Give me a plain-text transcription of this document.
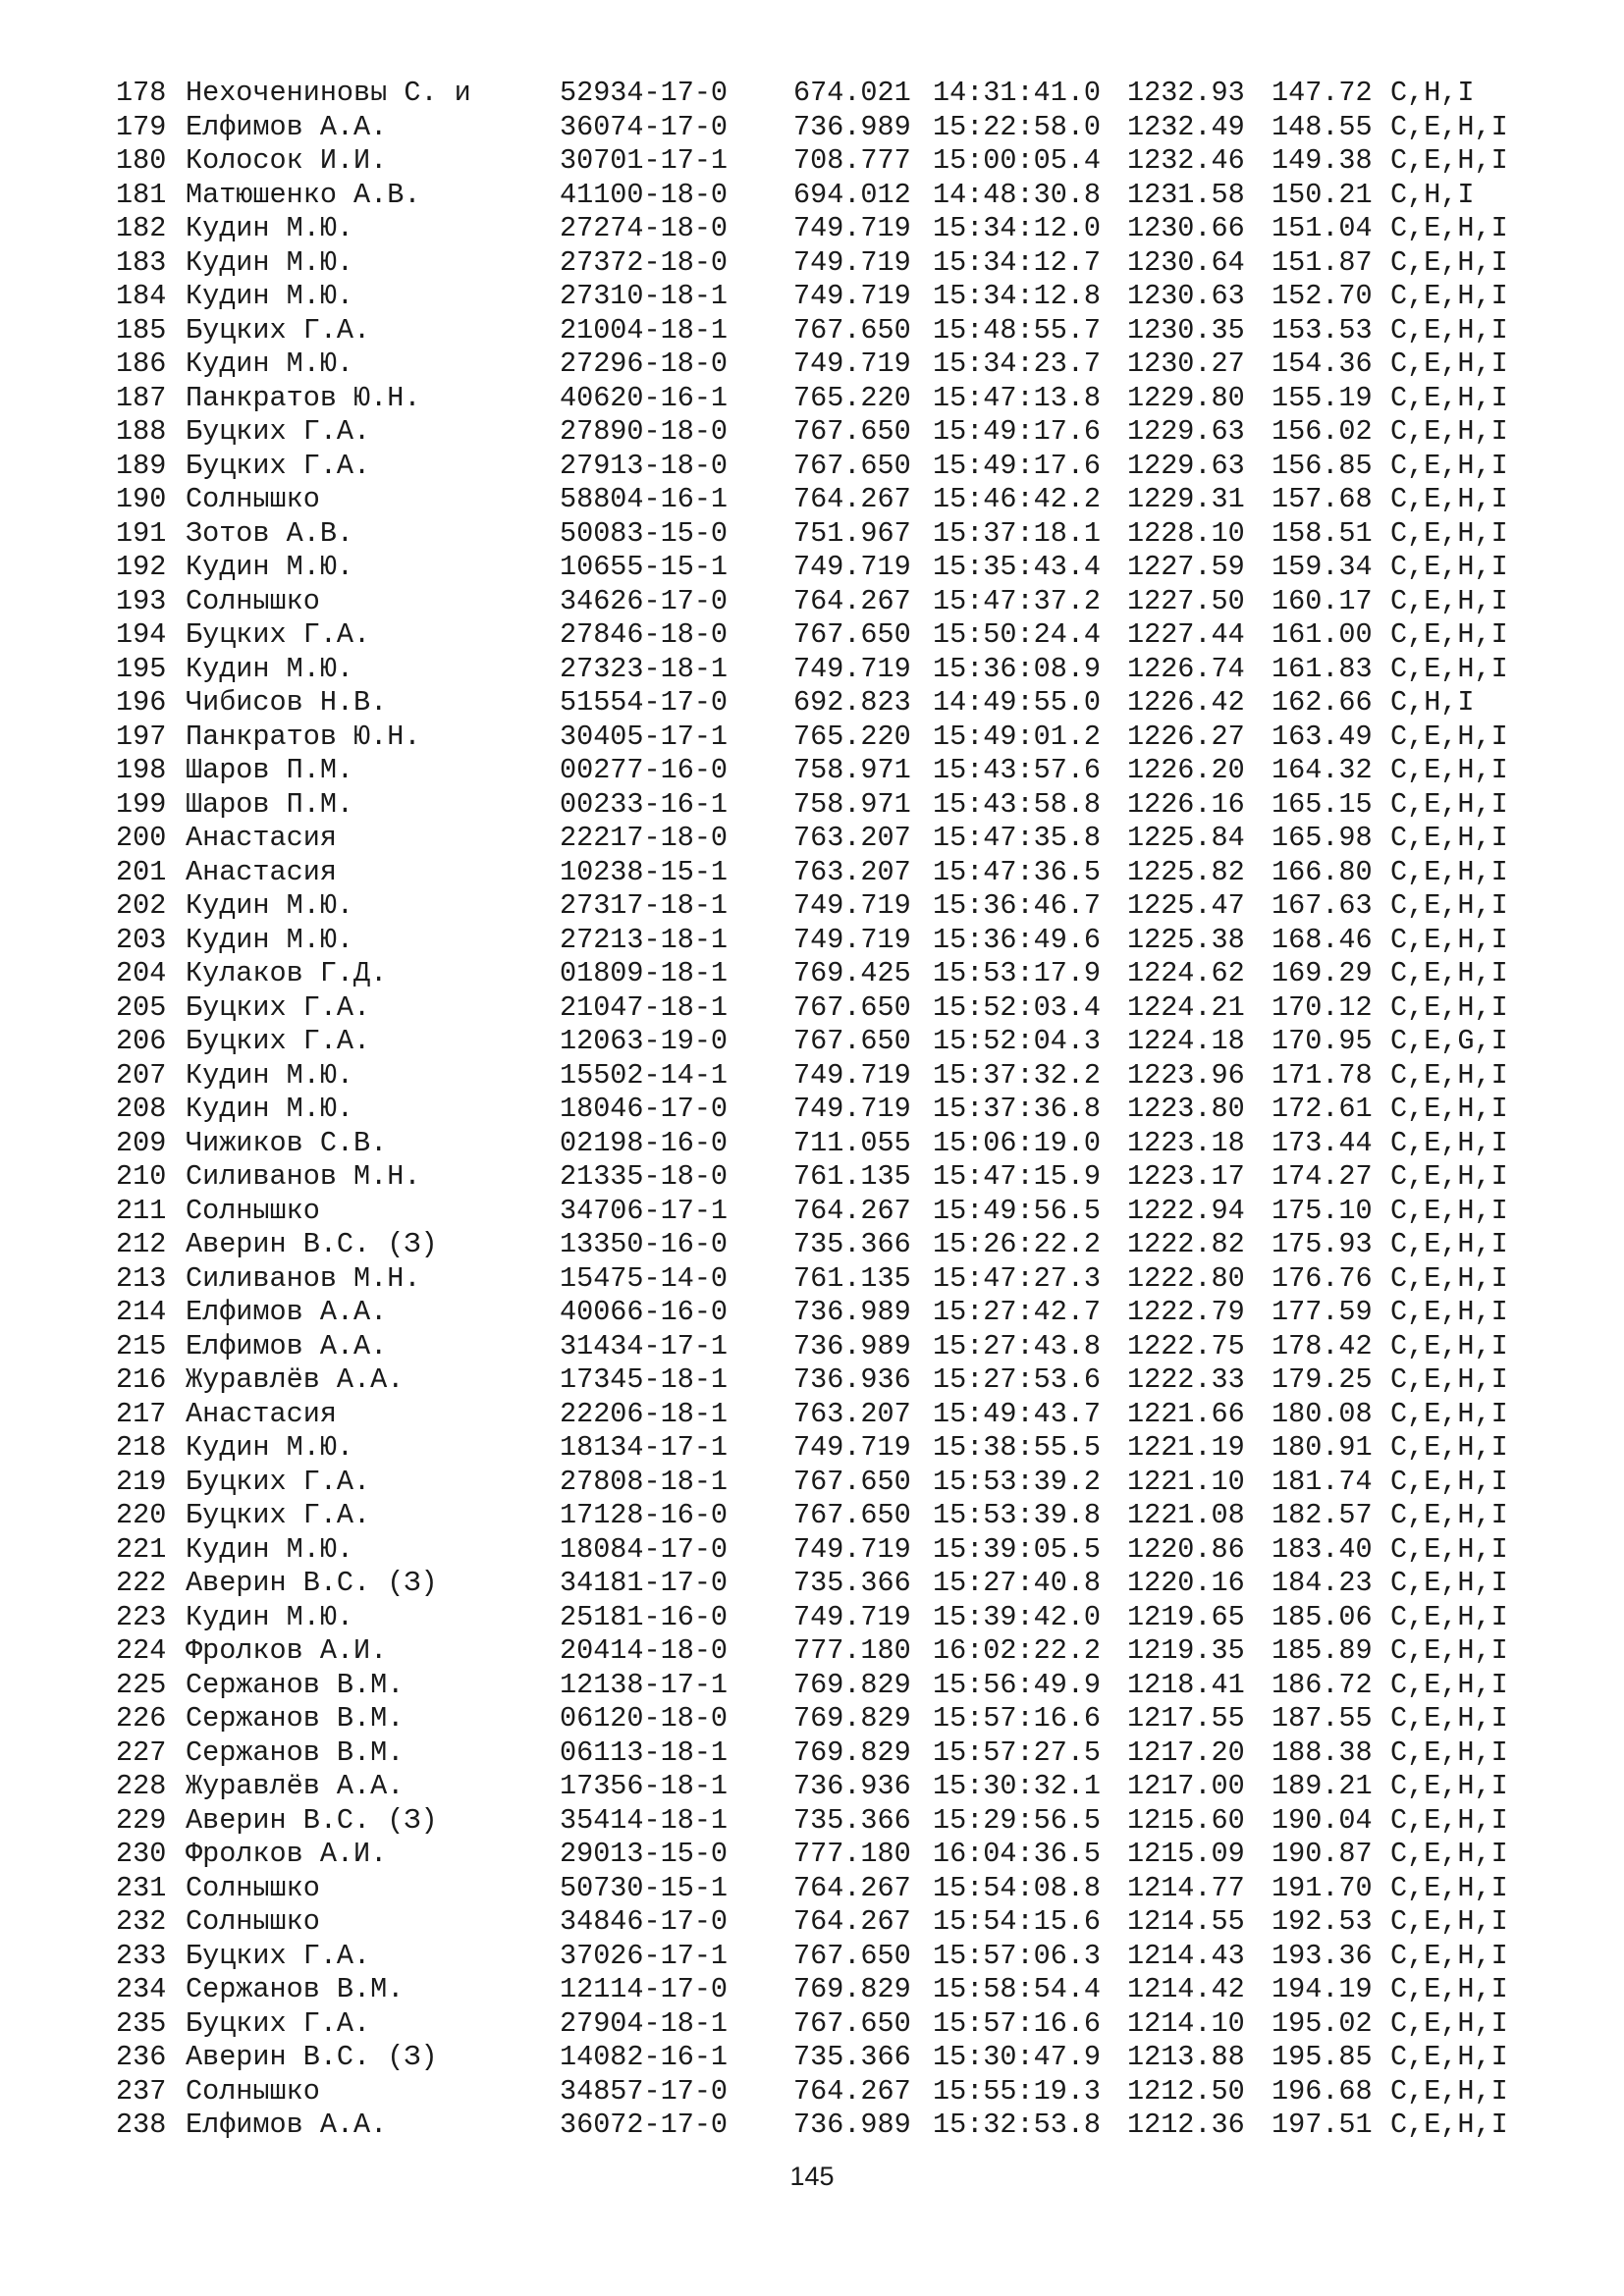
178 Нехочениновы С. и	52934-17-0 674.021 14:31:41.0 1232.93 147.72 C,H,I
179 Елфимов А.А.	36074-17-0 736.989 15:22:58.0 1232.49 148.55 C,E,H,I
180 Колосок И.И.	30701-17-1 708.777 15:00:05.4 1232.46 149.38 C,E,H,I
181 Матюшенко А.В.	41100-18-0 694.012 14:48:30.8 1231.58 150.21 C,H,I
182 Кудин М.Ю.	27274-18-0 749.719 15:34:12.0 1230.66 151.04 C,E,H,I
183 Кудин М.Ю.	27372-18-0 749.719 15:34:12.7 1230.64 151.87 C,E,H,I
184 Кудин М.Ю.	27310-18-1 749.719 15:34:12.8 1230.63 152.70 C,E,H,I
185 Буцких Г.А.	21004-18-1 767.650 15:48:55.7 1230.35 153.53 C,E,H,I
186 Кудин М.Ю.	27296-18-0 749.719 15:34:23.7 1230.27 154.36 C,E,H,I
187 Панкратов Ю.Н.	40620-16-1 765.220 15:47:13.8 1229.80 155.19 C,E,H,I
188 Буцких Г.А.	27890-18-0 767.650 15:49:17.6 1229.63 156.02 C,E,H,I
189 Буцких Г.А.	27913-18-0 767.650 15:49:17.6 1229.63 156.85 C,E,H,I
190 Солнышко	58804-16-1 764.267 15:46:42.2 1229.31 157.68 C,E,H,I
191 Зотов А.В.	50083-15-0 751.967 15:37:18.1 1228.10 158.51 C,E,H,I
192 Кудин М.Ю.	10655-15-1 749.719 15:35:43.4 1227.59 159.34 C,E,H,I
193 Солнышко	34626-17-0 764.267 15:47:37.2 1227.50 160.17 C,E,H,I
194 Буцких Г.А.	27846-18-0 767.650 15:50:24.4 1227.44 161.00 C,E,H,I
195 Кудин М.Ю.	27323-18-1 749.719 15:36:08.9 1226.74 161.83 C,E,H,I
196 Чибисов Н.В.	51554-17-0 692.823 14:49:55.0 1226.42 162.66 C,H,I
197 Панкратов Ю.Н.	30405-17-1 765.220 15:49:01.2 1226.27 163.49 C,E,H,I
198 Шаров П.М.	00277-16-0 758.971 15:43:57.6 1226.20 164.32 C,E,H,I
199 Шаров П.М.	00233-16-1 758.971 15:43:58.8 1226.16 165.15 C,E,H,I
200 Анастасия	22217-18-0 763.207 15:47:35.8 1225.84 165.98 C,E,H,I
201 Анастасия	10238-15-1 763.207 15:47:36.5 1225.82 166.80 C,E,H,I
202 Кудин М.Ю.	27317-18-1 749.719 15:36:46.7 1225.47 167.63 C,E,H,I
203 Кудин М.Ю.	27213-18-1 749.719 15:36:49.6 1225.38 168.46 C,E,H,I
204 Кулаков Г.Д.	01809-18-1 769.425 15:53:17.9 1224.62 169.29 C,E,H,I
205 Буцких Г.А.	21047-18-1 767.650 15:52:03.4 1224.21 170.12 C,E,H,I
206 Буцких Г.А.	12063-19-0 767.650 15:52:04.3 1224.18 170.95 C,E,G,I
207 Кудин М.Ю.	15502-14-1 749.719 15:37:32.2 1223.96 171.78 C,E,H,I
208 Кудин М.Ю.	18046-17-0 749.719 15:37:36.8 1223.80 172.61 C,E,H,I
209 Чижиков С.В.	02198-16-0 711.055 15:06:19.0 1223.18 173.44 C,E,H,I
210 Силиванов М.Н.	21335-18-0 761.135 15:47:15.9 1223.17 174.27 C,E,H,I
211 Солнышко	34706-17-1 764.267 15:49:56.5 1222.94 175.10 C,E,H,I
212 Аверин В.С. (З)	13350-16-0 735.366 15:26:22.2 1222.82 175.93 C,E,H,I
213 Силиванов М.Н.	15475-14-0 761.135 15:47:27.3 1222.80 176.76 C,E,H,I
214 Елфимов А.А.	40066-16-0 736.989 15:27:42.7 1222.79 177.59 C,E,H,I
215 Елфимов А.А.	31434-17-1 736.989 15:27:43.8 1222.75 178.42 C,E,H,I
216 Журавлёв А.А.	17345-18-1 736.936 15:27:53.6 1222.33 179.25 C,E,H,I
217 Анастасия	22206-18-1 763.207 15:49:43.7 1221.66 180.08 C,E,H,I
218 Кудин М.Ю.	18134-17-1 749.719 15:38:55.5 1221.19 180.91 C,E,H,I
219 Буцких Г.А.	27808-18-1 767.650 15:53:39.2 1221.10 181.74 C,E,H,I
220 Буцких Г.А.	17128-16-0 767.650 15:53:39.8 1221.08 182.57 C,E,H,I
221 Кудин М.Ю.	18084-17-0 749.719 15:39:05.5 1220.86 183.40 C,E,H,I
222 Аверин В.С. (З)	34181-17-0 735.366 15:27:40.8 1220.16 184.23 C,E,H,I
223 Кудин М.Ю.	25181-16-0 749.719 15:39:42.0 1219.65 185.06 C,E,H,I
224 Фролков А.И.	20414-18-0 777.180 16:02:22.2 1219.35 185.89 C,E,H,I
225 Сержанов В.М.	12138-17-1 769.829 15:56:49.9 1218.41 186.72 C,E,H,I
226 Сержанов В.М.	06120-18-0 769.829 15:57:16.6 1217.55 187.55 C,E,H,I
227 Сержанов В.М.	06113-18-1 769.829 15:57:27.5 1217.20 188.38 C,E,H,I
228 Журавлёв А.А.	17356-18-1 736.936 15:30:32.1 1217.00 189.21 C,E,H,I
229 Аверин В.С. (З)	35414-18-1 735.366 15:29:56.5 1215.60 190.04 C,E,H,I
230 Фролков А.И.	29013-15-0 777.180 16:04:36.5 1215.09 190.87 C,E,H,I
231 Солнышко	50730-15-1 764.267 15:54:08.8 1214.77 191.70 C,E,H,I
232 Солнышко	34846-17-0 764.267 15:54:15.6 1214.55 192.53 C,E,H,I
233 Буцких Г.А.	37026-17-1 767.650 15:57:06.3 1214.43 193.36 C,E,H,I
234 Сержанов В.М.	12114-17-0 769.829 15:58:54.4 1214.42 194.19 C,E,H,I
235 Буцких Г.А.	27904-18-1 767.650 15:57:16.6 1214.10 195.02 C,E,H,I
236 Аверин В.С. (З)	14082-16-1 735.366 15:30:47.9 1213.88 195.85 C,E,H,I
237 Солнышко	34857-17-0 764.267 15:55:19.3 1212.50 196.68 C,E,H,I
238 Елфимов А.А.	36072-17-0 736.989 15:32:53.8 1212.36 197.51 C,E,H,I
145
